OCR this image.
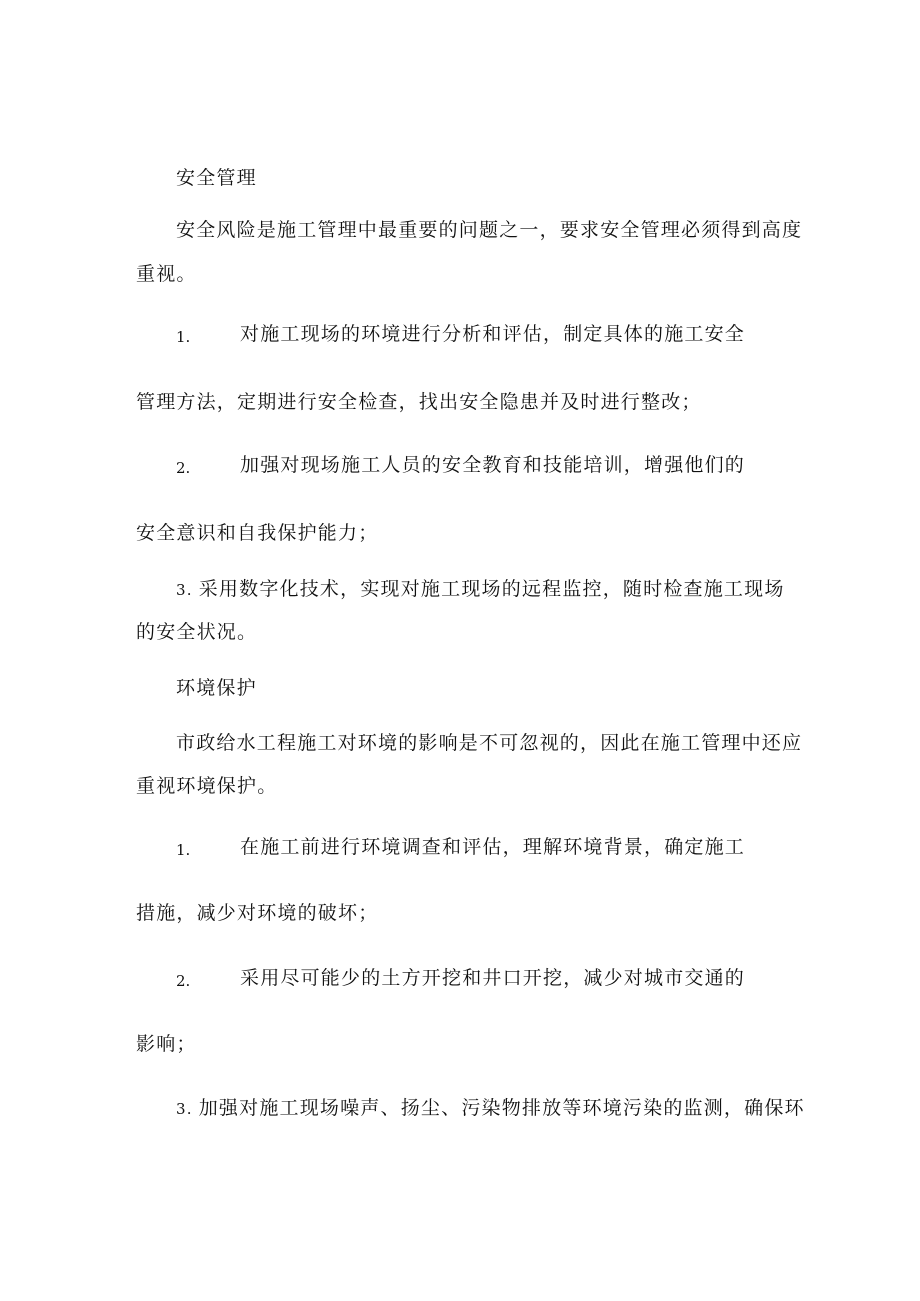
安全管理
安全风险是施工管理中最重要的问题之一，要求安全管理必须得到高度
重视。
1.	对施工现场的环境进行分析和评估，制定具体的施工安全
管理方法，定期进行安全检查，找出安全隐患并及时进行整改；
2.	加强对现场施工人员的安全教育和技能培训，增强他们的
安全意识和自我保护能力；
3. 采用数字化技术，实现对施工现场的远程监控，随时检查施工现场
的安全状况。
环境保护
市政给水工程施工对环境的影响是不可忽视的，因此在施工管理中还应
重视环境保护。
1.	在施工前进行环境调查和评估，理解环境背景，确定施工
措施，减少对环境的破坏；
2.	采用尽可能少的土方开挖和井口开挖，减少对城市交通的
影响；
3. 加强对施工现场噪声、扬尘、污染物排放等环境污染的监测，确保环
